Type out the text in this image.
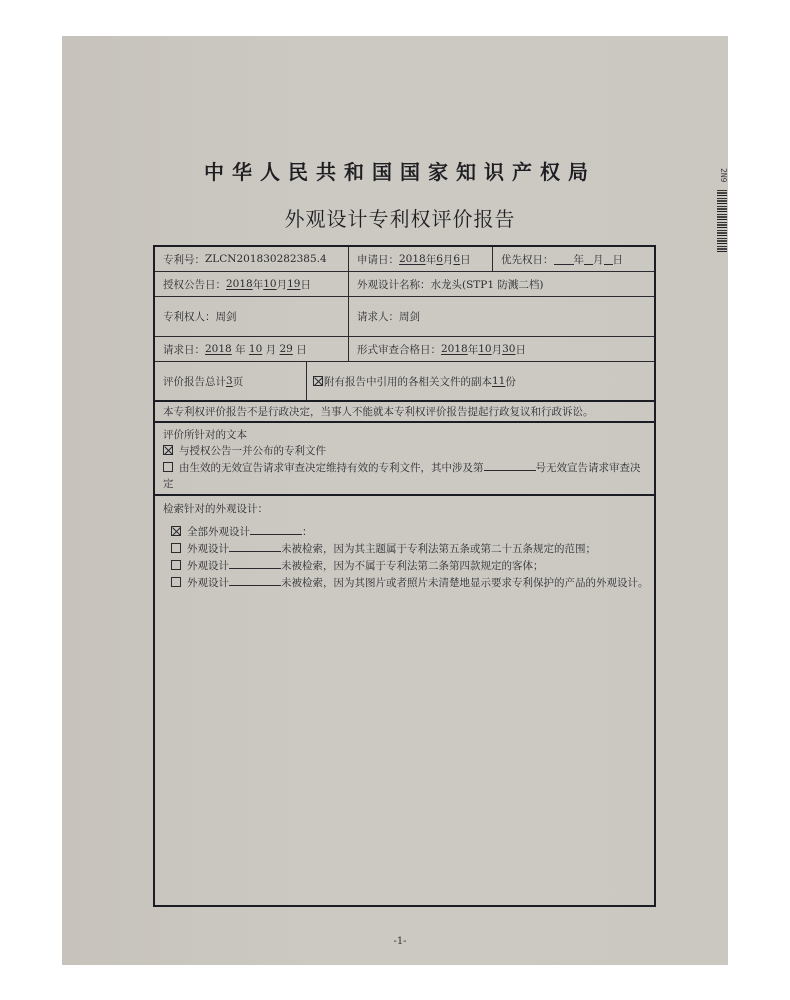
2N9
中华人民共和国国家知识产权局
外观设计专利权评价报告
专利号： ZLCN201830282385.4	申请日： 2018 年 6 月 6 日	优先权日： 年 月 日
授权公告日： 2018 年 10 月 19 日	外观设计名称： 水龙头(STP1 防溅二档)
专利权人： 周剑	请求人： 周剑
请求日： 2018 年 10 月 29 日	形式审查合格日： 2018 年 10 月 30 日
评价报告总计 3 页	附有报告中引用的各相关文件的副本 11 份
本专利权评价报告不是行政决定，当事人不能就本专利权评价报告提起行政复议和行政诉讼。
评价所针对的文本
与授权公告一并公布的专利文件
由生效的无效宣告请求审查决定维持有效的专利文件，其中涉及第	号无效宣告请求审查决
定
检索针对的外观设计：
全部外观设计	：
外观设计	未被检索，因为其主题属于专利法第五条或第二十五条规定的范围；
外观设计	未被检索，因为不属于专利法第二条第四款规定的客体；
外观设计	未被检索，因为其图片或者照片未清楚地显示要求专利保护的产品的外观设计。
-1-
